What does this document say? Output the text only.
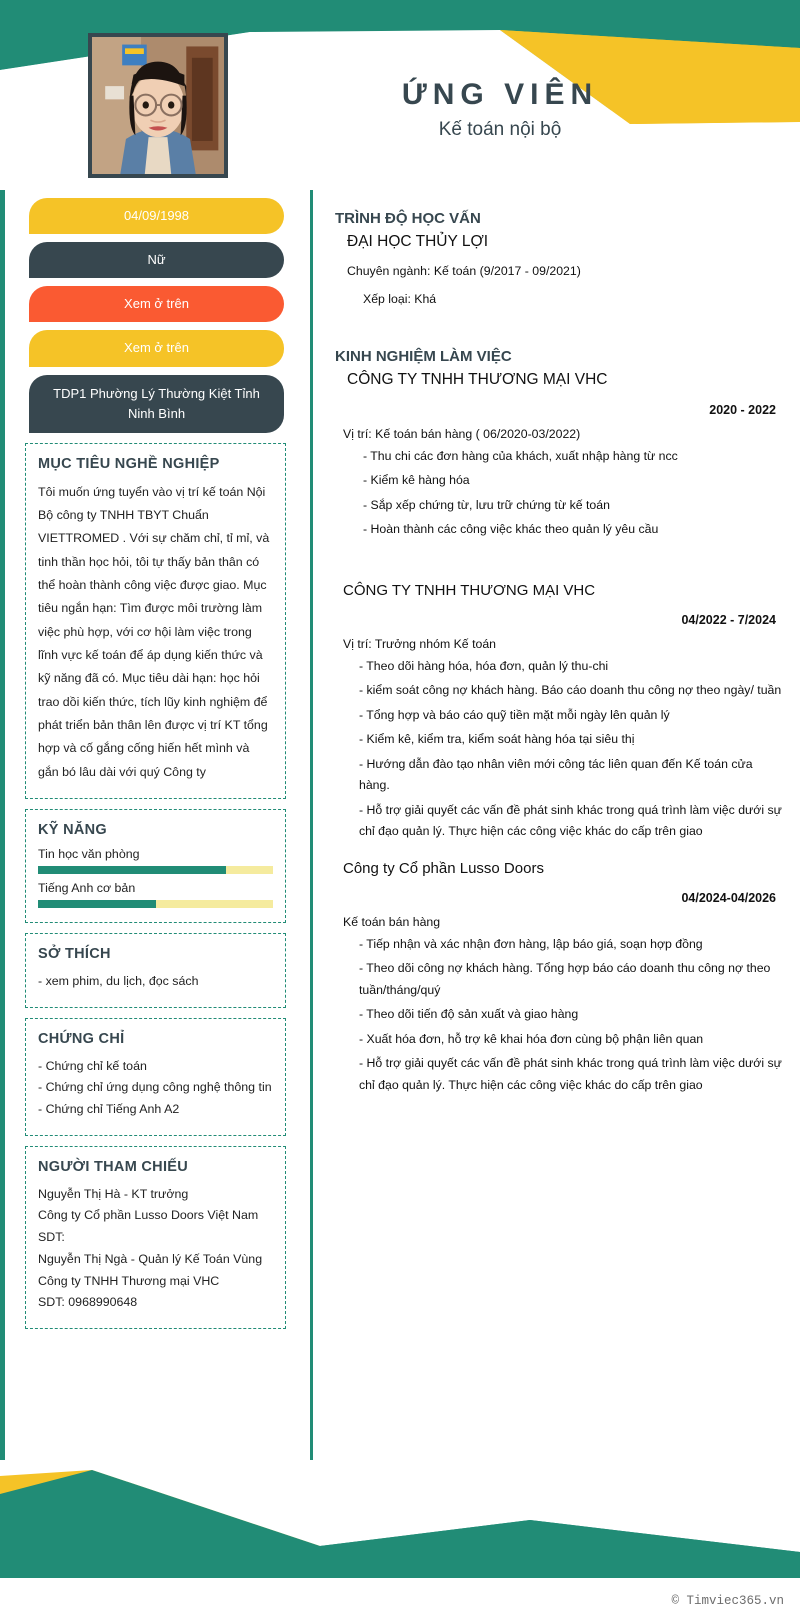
ỨNG VIÊN
Kế toán nội bộ
04/09/1998
Nữ
Xem ở trên
Xem ở trên
TDP1 Phường Lý Thường Kiệt Tỉnh Ninh Bình
MỤC TIÊU NGHỀ NGHIỆP
Tôi muốn ứng tuyển vào vị trí kế toán Nội Bộ công ty TNHH TBYT Chuẩn VIETTROMED . Với sự chăm chỉ, tỉ mỉ, và tinh thần học hỏi, tôi tự thấy bản thân có thể hoàn thành công việc được giao. Mục tiêu ngắn hạn: Tìm được môi trường làm việc phù hợp, với cơ hội làm việc trong lĩnh vực kế toán để áp dụng kiến thức và kỹ năng đã có. Mục tiêu dài hạn: học hỏi trao dồi kiến thức, tích lũy kinh nghiệm để phát triển bản thân lên được vị trí KT tổng hợp và cố gắng cống hiến hết mình và gắn bó lâu dài với quý Công ty
KỸ NĂNG
Tin học văn phòng
Tiếng Anh cơ bản
SỞ THÍCH
- xem phim, du lịch, đọc sách
CHỨNG CHỈ
- Chứng chỉ kế toán
- Chứng chỉ ứng dụng công nghệ thông tin
- Chứng chỉ Tiếng Anh A2
NGƯỜI THAM CHIẾU
Nguyễn Thị Hà - KT trưởng
Công ty Cổ phần Lusso Doors Việt Nam
SDT:
Nguyễn Thị Ngà - Quản lý Kế Toán Vùng
Công ty TNHH Thương mại VHC
SDT: 0968990648
TRÌNH ĐỘ HỌC VẤN
ĐẠI HỌC THỦY LỢI
Chuyên ngành: Kế toán (9/2017 - 09/2021)
Xếp loại: Khá
KINH NGHIỆM LÀM VIỆC
CÔNG TY TNHH THƯƠNG MẠI VHC
2020 - 2022
Vị trí: Kế toán bán hàng ( 06/2020-03/2022)
- Thu chi các đơn hàng của khách, xuất nhập hàng từ ncc
- Kiểm kê hàng hóa
- Sắp xếp chứng từ, lưu trữ chứng từ kế toán
- Hoàn thành các công việc khác theo quản lý yêu cầu
CÔNG TY TNHH THƯƠNG MẠI VHC
04/2022 - 7/2024
Vị trí: Trưởng nhóm Kế toán
- Theo dõi hàng hóa, hóa đơn, quản lý thu-chi
- kiểm soát công nợ khách hàng. Báo cáo doanh thu công nợ theo ngày/ tuần
- Tổng hợp và báo cáo quỹ tiền mặt mỗi ngày lên quản lý
- Kiểm kê, kiểm tra, kiểm soát hàng hóa tại siêu thị
- Hướng dẫn đào tạo nhân viên mới công tác liên quan đến Kế toán cửa hàng.
- Hỗ trợ giải quyết các vấn đề phát sinh khác trong quá trình làm việc dưới sự chỉ đạo quản lý. Thực hiện các công việc khác do cấp trên giao
Công ty Cổ phần Lusso Doors
04/2024-04/2026
Kế toán bán hàng
- Tiếp nhận và xác nhận đơn hàng, lập báo giá, soạn hợp đồng
- Theo dõi công nợ khách hàng. Tổng hợp báo cáo doanh thu công nợ theo tuần/tháng/quý
- Theo dõi tiến độ sản xuất và giao hàng
- Xuất hóa đơn, hỗ trợ kê khai hóa đơn cùng bộ phận liên quan
- Hỗ trợ giải quyết các vấn đề phát sinh khác trong quá trình làm việc dưới sự chỉ đạo quản lý. Thực hiện các công việc khác do cấp trên giao
© Timviec365.vn
